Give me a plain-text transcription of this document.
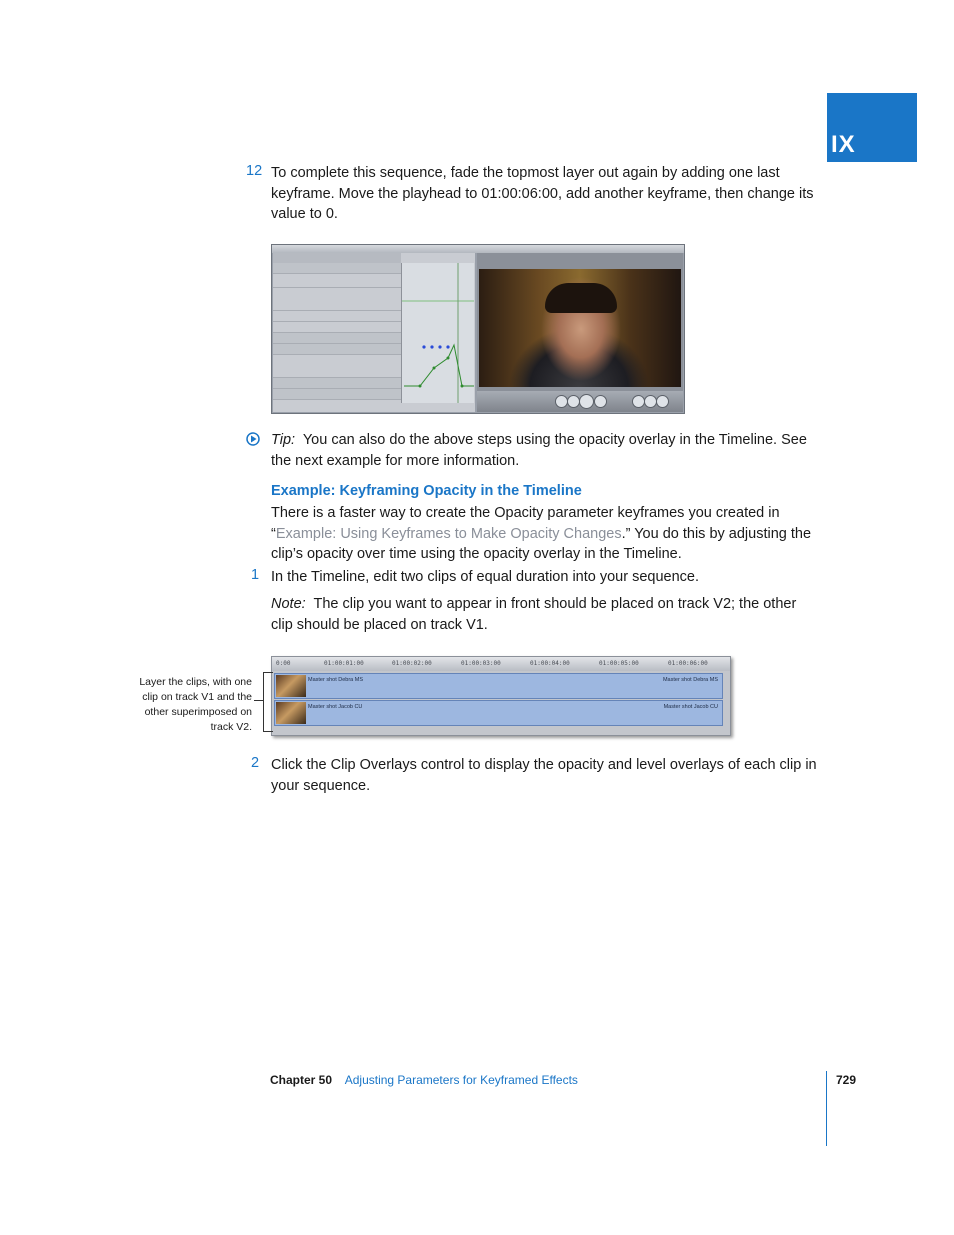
IX
12 To complete this sequence, fade the topmost layer out again by adding one last keyframe. Move the playhead to 01:00:06:00, add another keyframe, then change its value to 0.
Tip: You can also do the above steps using the opacity overlay in the Timeline. See the next example for more information.
Example: Keyframing Opacity in the Timeline
There is a faster way to create the Opacity parameter keyframes you created in “Example: Using Keyframes to Make Opacity Changes.” You do this by adjusting the clip’s opacity over time using the opacity overlay in the Timeline.
1 In the Timeline, edit two clips of equal duration into your sequence.
Note: The clip you want to appear in front should be placed on track V2; the other clip should be placed on track V1.
0:00	01:00:01:00	01:00:02:00	01:00:03:00	01:00:04:00	01:00:05:00	01:00:06:00
Master shot Debra MS	Master shot Debra MS
Master shot Jacob CU	Master shot Jacob CU
Layer the clips, with one clip on track V1 and the other superimposed on track V2.
2 Click the Clip Overlays control to display the opacity and level overlays of each clip in your sequence.
Chapter 50 Adjusting Parameters for Keyframed Effects	729
